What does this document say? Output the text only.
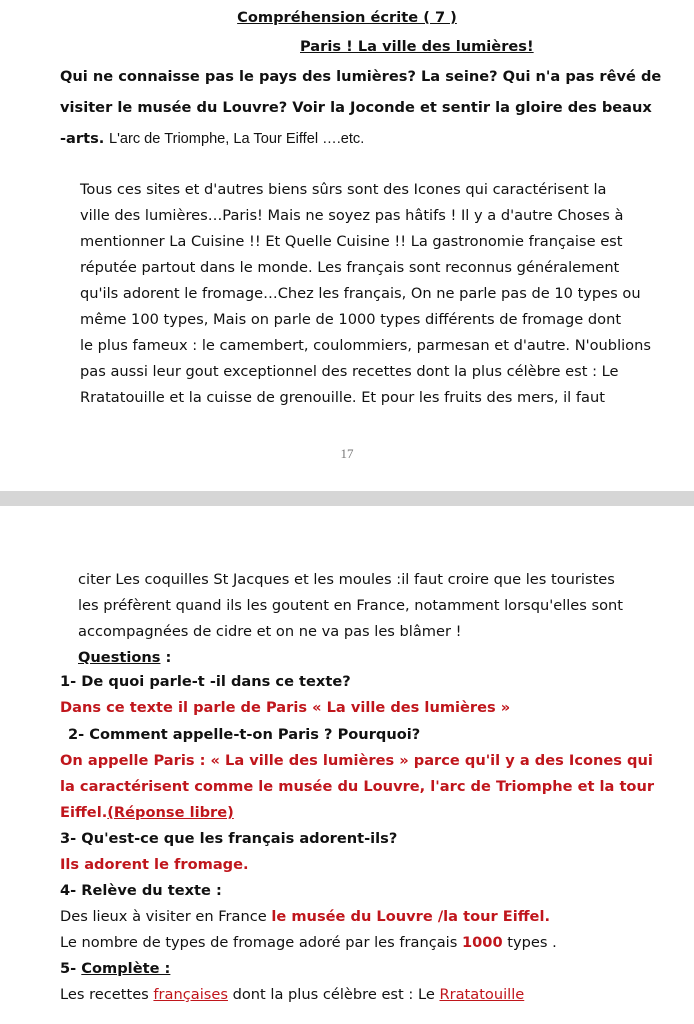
Compréhension écrite ( 7 )
Paris ! La ville des lumières!
Qui ne connaisse pas le pays des lumières? La seine? Qui n'a pas rêvé de
visiter le musée du Louvre? Voir la Joconde et sentir la gloire des beaux
-arts. L'arc de Triomphe, La Tour Eiffel ….etc.
Tous ces sites et d'autres biens sûrs sont des Icones qui caractérisent la
ville des lumières…Paris! Mais ne soyez pas hâtifs ! Il y a d'autre Choses à
mentionner La Cuisine !! Et Quelle Cuisine !! La gastronomie française est
réputée partout dans le monde. Les français sont reconnus généralement
qu'ils adorent le fromage…Chez les français, On ne parle pas de 10 types ou
même 100 types, Mais on parle de 1000 types différents de fromage dont
le plus fameux : le camembert, coulommiers, parmesan et d'autre. N'oublions
pas aussi leur gout exceptionnel des recettes dont la plus célèbre est : Le
Rratatouille et la cuisse de grenouille. Et pour les fruits des mers, il faut
17
citer Les coquilles St Jacques et les moules :il faut croire que les touristes
les préfèrent quand ils les goutent en France, notamment lorsqu'elles sont
accompagnées de cidre et on ne va pas les blâmer !
Questions :
1- De quoi parle-t -il dans ce texte?
Dans ce texte il parle de Paris « La ville des lumières »
2- Comment appelle-t-on Paris ? Pourquoi?
On appelle Paris : « La ville des lumières » parce qu'il y a des Icones qui
la caractérisent comme le musée du Louvre, l'arc de Triomphe et la tour
Eiffel.(Réponse libre)
3- Qu'est-ce que les français adorent-ils?
Ils adorent le fromage.
4- Relève du texte :
Des lieux à visiter en France le musée du Louvre /la tour Eiffel.
Le nombre de types de fromage adoré par les français 1000 types .
5- Complète :
Les recettes françaises dont la plus célèbre est : Le Rratatouille
